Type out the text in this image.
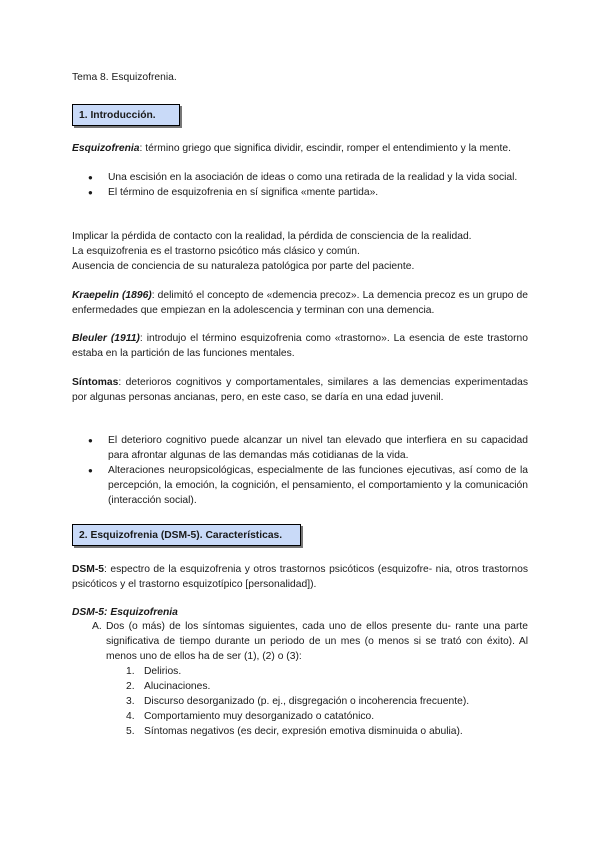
Tema 8. Esquizofrenia.
1. Introducción.
Esquizofrenia: término griego que significa dividir, escindir, romper el entendimiento y la mente.
● Una escisión en la asociación de ideas o como una retirada de la realidad y la vida social.
● El término de esquizofrenia en sí significa «mente partida».
Implicar la pérdida de contacto con la realidad, la pérdida de consciencia de la realidad.
La esquizofrenia es el trastorno psicótico más clásico y común.
Ausencia de conciencia de su naturaleza patológica por parte del paciente.
Kraepelin (1896): delimitó el concepto de «demencia precoz». La demencia precoz es un grupo de enfermedades que empiezan en la adolescencia y terminan con una demencia.
Bleuler (1911): introdujo el término esquizofrenia como «trastorno». La esencia de este trastorno estaba en la partición de las funciones mentales.
Síntomas: deterioros cognitivos y comportamentales, similares a las demencias experimentadas por algunas personas ancianas, pero, en este caso, se daría en una edad juvenil.
● El deterioro cognitivo puede alcanzar un nivel tan elevado que interfiera en su capacidad para afrontar algunas de las demandas más cotidianas de la vida.
● Alteraciones neuropsicológicas, especialmente de las funciones ejecutivas, así como de la percepción, la emoción, la cognición, el pensamiento, el comportamiento y la comunicación (interacción social).
2. Esquizofrenia (DSM-5). Características.
DSM-5: espectro de la esquizofrenia y otros trastornos psicóticos (esquizofre- nia, otros trastornos psicóticos y el trastorno esquizotípico [personalidad]).
DSM-5: Esquizofrenia
A. Dos (o más) de los síntomas siguientes, cada uno de ellos presente du- rante una parte significativa de tiempo durante un periodo de un mes (o menos si se trató con éxito). Al menos uno de ellos ha de ser (1), (2) o (3):
1. Delirios.
2. Alucinaciones.
3. Discurso desorganizado (p. ej., disgregación o incoherencia frecuente).
4. Comportamiento muy desorganizado o catatónico.
5. Síntomas negativos (es decir, expresión emotiva disminuida o abulia).
